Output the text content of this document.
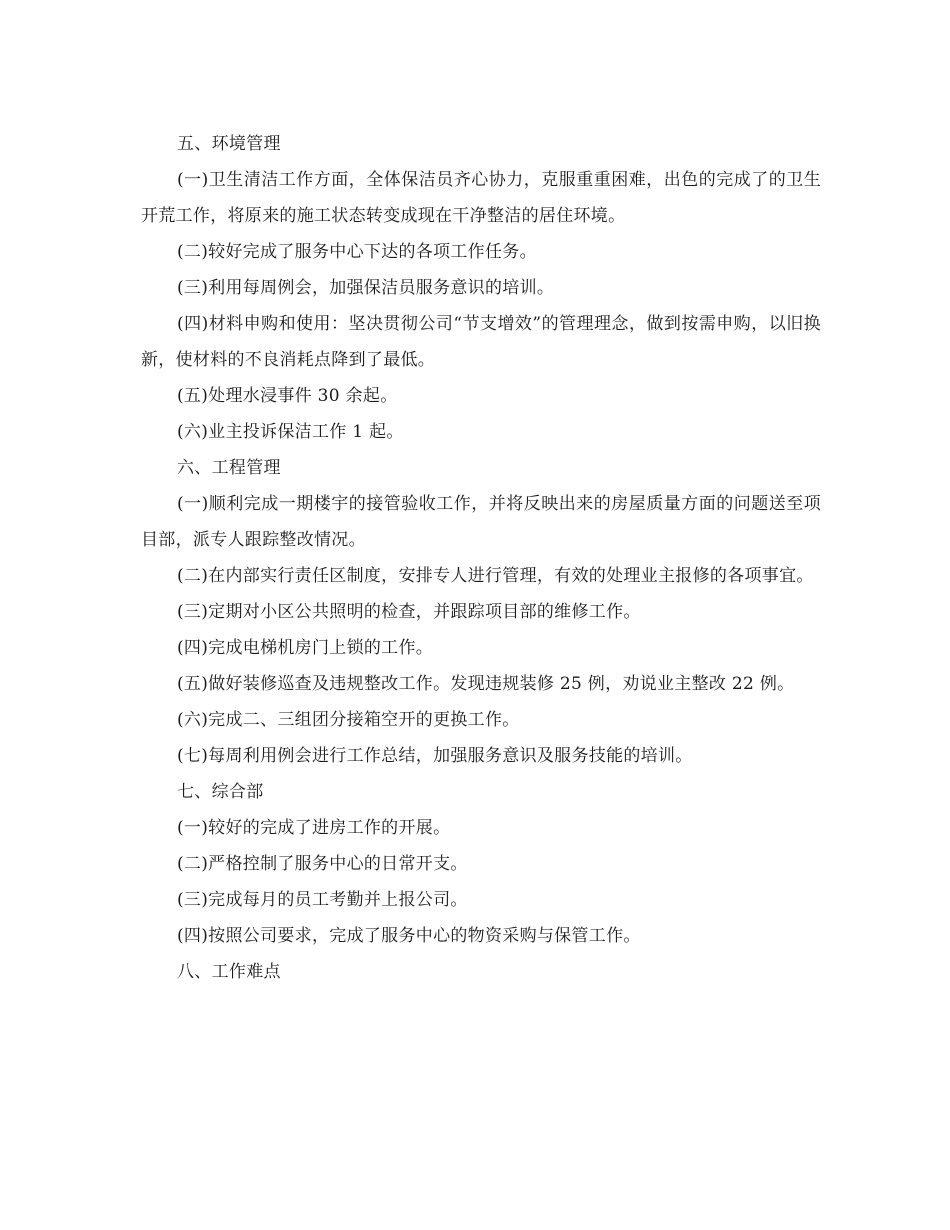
五、环境管理

(一)卫生清洁工作方面，全体保洁员齐心协力，克服重重困难，出色的完成了的卫生开荒工作，将原来的施工状态转变成现在干净整洁的居住环境。

(二)较好完成了服务中心下达的各项工作任务。

(三)利用每周例会，加强保洁员服务意识的培训。

(四)材料申购和使用：坚决贯彻公司“节支增效”的管理理念，做到按需申购，以旧换新，使材料的不良消耗点降到了最低。

(五)处理水浸事件 30 余起。

(六)业主投诉保洁工作 1 起。

六、工程管理

(一)顺利完成一期楼宇的接管验收工作，并将反映出来的房屋质量方面的问题送至项目部，派专人跟踪整改情况。

(二)在内部实行责任区制度，安排专人进行管理，有效的处理业主报修的各项事宜。

(三)定期对小区公共照明的检查，并跟踪项目部的维修工作。

(四)完成电梯机房门上锁的工作。

(五)做好装修巡查及违规整改工作。发现违规装修 25 例，劝说业主整改 22 例。

(六)完成二、三组团分接箱空开的更换工作。

(七)每周利用例会进行工作总结，加强服务意识及服务技能的培训。

七、综合部

(一)较好的完成了进房工作的开展。

(二)严格控制了服务中心的日常开支。

(三)完成每月的员工考勤并上报公司。

(四)按照公司要求，完成了服务中心的物资采购与保管工作。

八、工作难点
